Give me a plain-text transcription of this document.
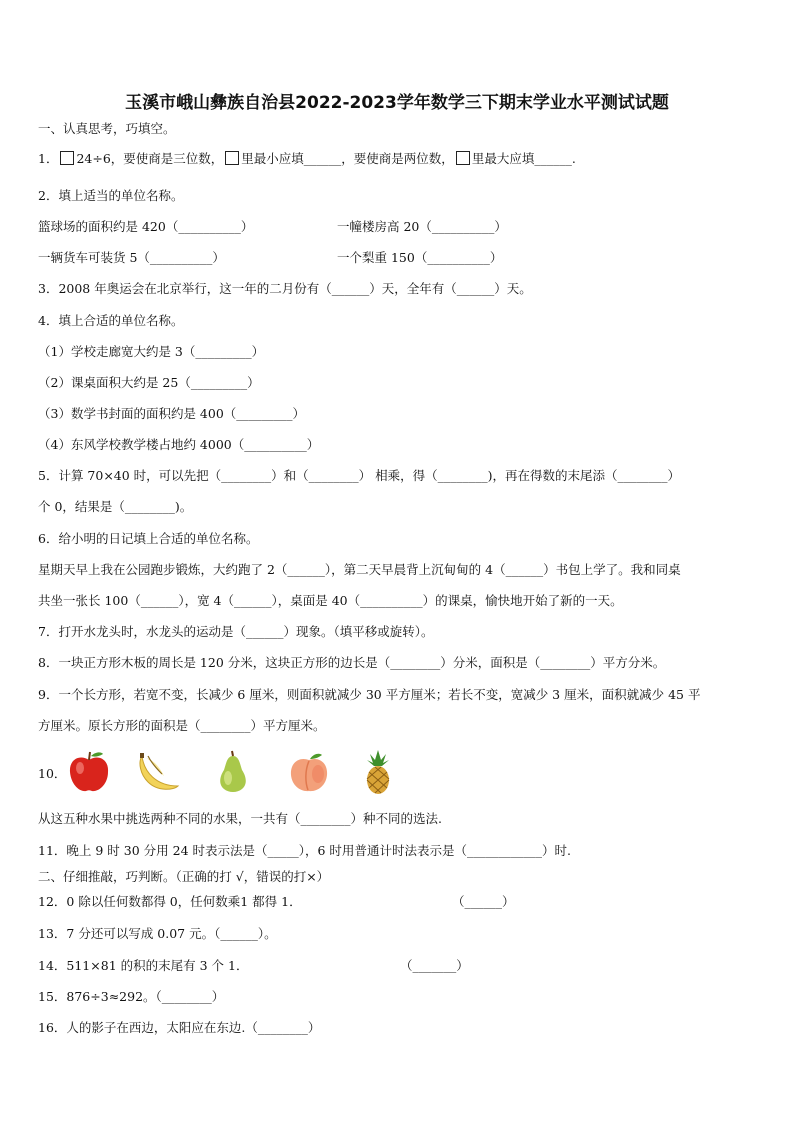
玉溪市峨山彝族自治县2022-2023学年数学三下期末学业水平测试试题
一、认真思考，巧填空。
1． 24÷6，要使商是三位数， 里最小应填______，要使商是两位数， 里最大应填______.
2．填上适当的单位名称。
篮球场的面积约是 420（__________）	一幢楼房高 20（__________）
一辆货车可装货 5（__________）	一个梨重 150（__________）
3．2008 年奥运会在北京举行，这一年的二月份有（______）天，全年有（______）天。
4．填上合适的单位名称。
（1）学校走廊宽大约是 3（_________）
（2）课桌面积大约是 25（_________）
（3）数学书封面的面积约是 400（_________）
（4）东风学校教学楼占地约 4000（__________）
5．计算 70×40 时，可以先把（________）和（________） 相乘，得（________)，再在得数的末尾添（________）
个 0，结果是（________)。
6．给小明的日记填上合适的单位名称。
星期天早上我在公园跑步锻炼，大约跑了 2（______），第二天早晨背上沉甸甸的 4（______）书包上学了。我和同桌
共坐一张长 100（______），宽 4（______），桌面是 40（__________）的课桌，愉快地开始了新的一天。
7．打开水龙头时，水龙头的运动是（______）现象。（填平移或旋转）。
8．一块正方形木板的周长是 120 分米，这块正方形的边长是（________）分米，面积是（________）平方分米。
9．一个长方形，若宽不变，长减少 6 厘米，则面积就减少 30 平方厘米；若长不变，宽减少 3 厘米，面积就减少 45 平
方厘米。原长方形的面积是（________）平方厘米。
10．
从这五种水果中挑选两种不同的水果，一共有（________）种不同的选法.
11．晚上 9 时 30 分用 24 时表示法是（_____），6 时用普通计时法表示是（____________）时.
二、仔细推敲，巧判断。（正确的打 √，错误的打×）
12．0 除以任何数都得 0，任何数乘1 都得 1．	（______）
13．7 分还可以写成 0.07 元。（______）。
14．511×81 的积的末尾有 3 个 1．	（_______）
15．876÷3≈292。（________）
16．人的影子在西边，太阳应在东边.（________）
